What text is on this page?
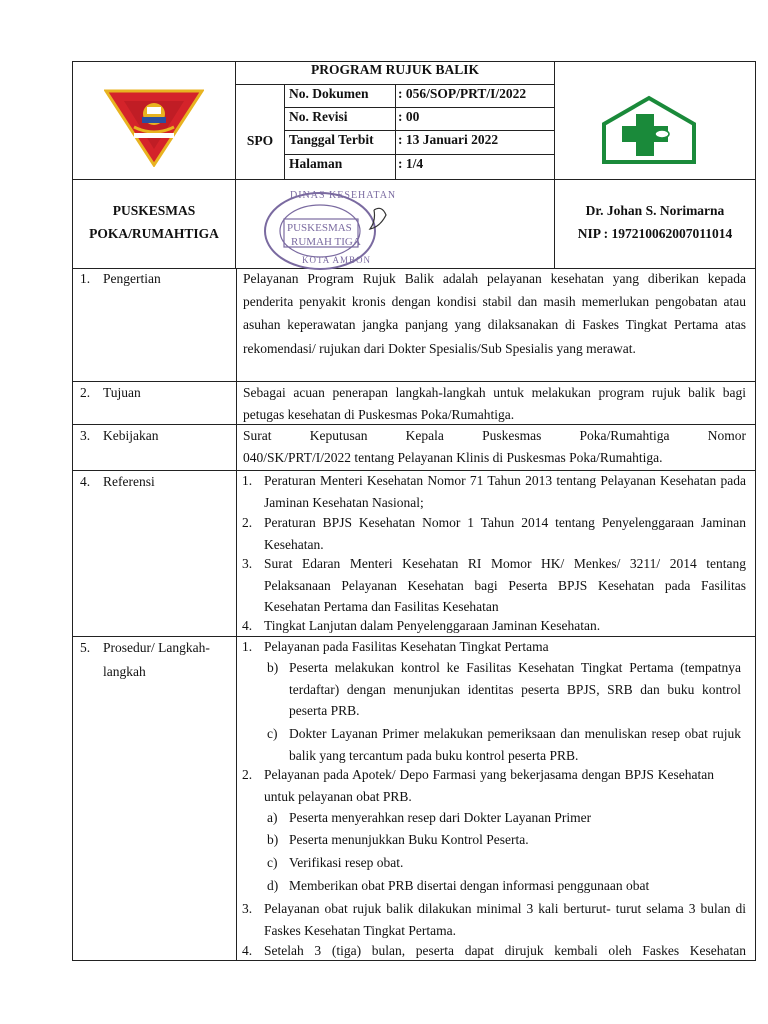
DINAS KESEHATAN
PUSKESMAS
RUMAH TIGA
KOTA AMBON
PROGRAM RUJUK BALIK
SPO
No. Dokumen : 056/SOP/PRT/I/2022
No. Revisi	: 00
Tanggal Terbit : 13 Januari 2022
Halaman	: 1/4
PUSKESMAS
POKA/RUMAHTIGA
Dr. Johan S. Norimarna
NIP : 197210062007011014
1. Pengertian	Pelayanan Program Rujuk Balik adalah pelayanan kesehatan yang diberikan kepada penderita penyakit kronis dengan kondisi stabil dan masih memerlukan pengobatan atau asuhan keperawatan jangka panjang yang dilaksanakan di Faskes Tingkat Pertama atas rekomendasi/ rujukan dari Dokter Spesialis/Sub Spesialis yang merawat.
2. Tujuan	Sebagai acuan penerapan langkah-langkah untuk melakukan program rujuk balik bagi petugas kesehatan di Puskesmas Poka/Rumahtiga.
3. Kebijakan	Surat Keputusan Kepala Puskesmas Poka/Rumahtiga Nomor
040/SK/PRT/I/2022 tentang Pelayanan Klinis di Puskesmas Poka/Rumahtiga.
4. Referensi	1. Peraturan Menteri Kesehatan Nomor 71 Tahun 2013 tentang Pelayanan Kesehatan pada Jaminan Kesehatan Nasional;
2. Peraturan BPJS Kesehatan Nomor 1 Tahun 2014 tentang Penyelenggaraan Jaminan Kesehatan.
3. Surat Edaran Menteri Kesehatan RI Momor HK/ Menkes/ 3211/ 2014 tentang Pelaksanaan Pelayanan Kesehatan bagi Peserta BPJS Kesehatan pada Fasilitas Kesehatan Pertama dan Fasilitas Kesehatan
4. Tingkat Lanjutan dalam Penyelenggaraan Jaminan Kesehatan.
5. Prosedur/ Langkah-
langkah
1. Pelayanan pada Fasilitas Kesehatan Tingkat Pertama
b) Peserta melakukan kontrol ke Fasilitas Kesehatan Tingkat Pertama (tempatnya terdaftar) dengan menunjukan identitas peserta BPJS, SRB dan buku kontrol peserta PRB.
c) Dokter Layanan Primer melakukan pemeriksaan dan menuliskan resep obat rujuk balik yang tercantum pada buku kontrol peserta PRB.
2. Pelayanan pada Apotek/ Depo Farmasi yang bekerjasama dengan BPJS Kesehatan untuk pelayanan obat PRB.
a) Peserta menyerahkan resep dari Dokter Layanan Primer
b) Peserta menunjukkan Buku Kontrol Peserta.
c) Verifikasi resep obat.
d) Memberikan obat PRB disertai dengan informasi penggunaan obat
3. Pelayanan obat rujuk balik dilakukan minimal 3 kali berturut- turut selama 3 bulan di Faskes Kesehatan Tingkat Pertama.
4. Setelah 3 (tiga) bulan, peserta dapat dirujuk kembali oleh Faskes Kesehatan
